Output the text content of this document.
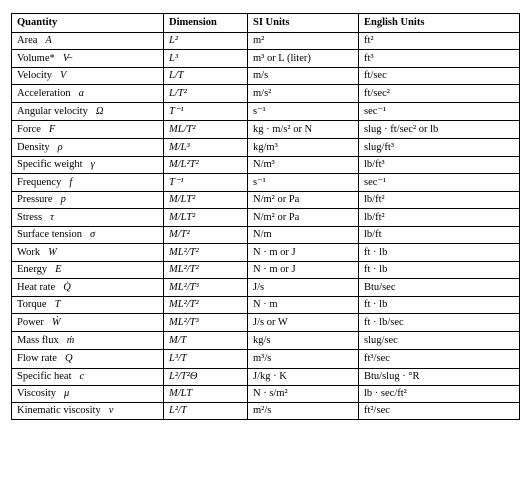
Quantity	Dimension	SI Units	English Units
Area A	L²	m²	ft²
Volume* V̶	L³	m³ or L (liter)	ft³
Velocity V	L/T	m/s	ft/sec
Acceleration a	L/T²	m/s²	ft/sec²
Angular velocity Ω	T⁻¹	s⁻¹	sec⁻¹
Force F	ML/T²	kg · m/s² or N	slug · ft/sec² or lb
Density ρ	M/L³	kg/m³	slug/ft³
Specific weight γ	M/L²T²	N/m³	lb/ft³
Frequency f	T⁻¹	s⁻¹	sec⁻¹
Pressure p	M/LT²	N/m² or Pa	lb/ft²
Stress τ	M/LT²	N/m² or Pa	lb/ft²
Surface tension σ	M/T²	N/m	lb/ft
Work W	ML²/T²	N · m or J	ft · lb
Energy E	ML²/T²	N · m or J	ft · lb
Heat rate Q̇	ML²/T³	J/s	Btu/sec
Torque T	ML²/T²	N · m	ft · lb
Power Ẇ	ML²/T³	J/s or W	ft · lb/sec
Mass flux ṁ	M/T	kg/s	slug/sec
Flow rate Q	L³/T	m³/s	ft³/sec
Specific heat c	L²/T²Θ	J/kg · K	Btu/slug · °R
Viscosity μ	M/LT	N · s/m²	lb · sec/ft²
Kinematic viscosity ν	L²/T	m²/s	ft²/sec
